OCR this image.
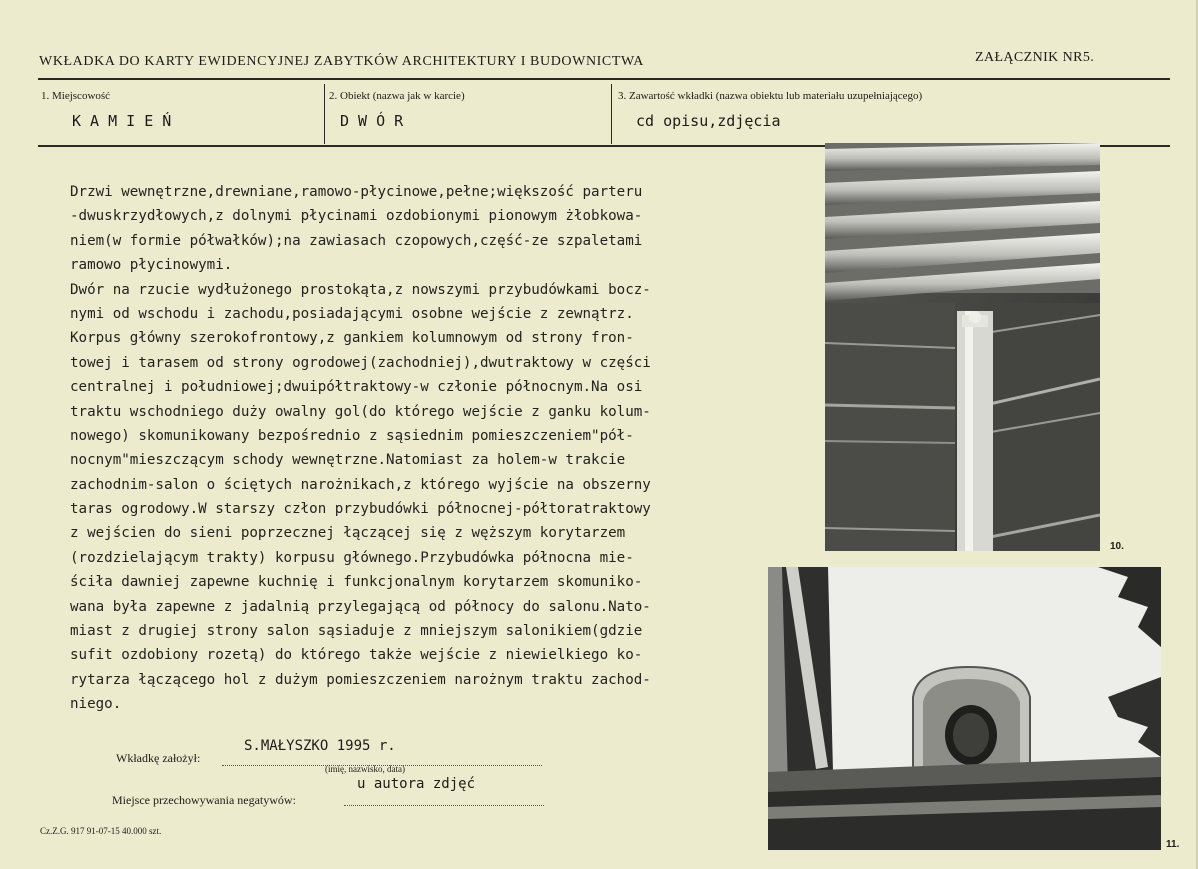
WKŁADKA DO KARTY EWIDENCYJNEJ ZABYTKÓW ARCHITEKTURY I BUDOWNICTWA	ZAŁĄCZNIK NR5.
1. Miejscowość
K A M I E Ń
2. Obiekt (nazwa jak w karcie)
D W Ó R
3. Zawartość wkładki (nazwa obiektu lub materiału uzupełniającego)
cd opisu,zdjęcia
Drzwi wewnętrzne,drewniane,ramowo-płycinowe,pełne;większość parteru
-dwuskrzydłowych,z dolnymi płycinami ozdobionymi pionowym żłobkowa-
niem(w formie półwałków);na zawiasach czopowych,część-ze szpaletami
ramowo płycinowymi.
Dwór na rzucie wydłużonego prostokąta,z nowszymi przybudówkami bocz-
nymi od wschodu i zachodu,posiadającymi osobne wejście z zewnątrz.
Korpus główny szerokofrontowy,z gankiem kolumnowym od strony fron-
towej i tarasem od strony ogrodowej(zachodniej),dwutraktowy w części
centralnej i południowej;dwuipółtraktowy-w członie północnym.Na osi
traktu wschodniego duży owalny gol(do którego wejście z ganku kolum-
nowego) skomunikowany bezpośrednio z sąsiednim pomieszczeniem"pół-
nocnym"mieszczącym schody wewnętrzne.Natomiast za holem-w trakcie
zachodnim-salon o ściętych narożnikach,z którego wyjście na obszerny
taras ogrodowy.W starszy człon przybudówki północnej-półtoratraktowy
z wejścien do sieni poprzecznej łączącej się z węższym korytarzem
(rozdzielającym trakty) korpusu głównego.Przybudówka północna mie-
ściła dawniej zapewne kuchnię i funkcjonalnym korytarzem skomuniko-
wana była zapewne z jadalnią przylegającą od północy do salonu.Nato-
miast z drugiej strony salon sąsiaduje z mniejszym salonikiem(gdzie
sufit ozdobiony rozetą) do którego także wejście z niewielkiego ko-
rytarza łączącego hol z dużym pomieszczeniem narożnym traktu zachod-
niego.
Wkładkę założył:
S.MAŁYSZKO 1995 r.
(imię, nazwisko, data)
u autora zdjęć
Miejsce przechowywania negatywów:
Cz.Z.G. 917 91-07-15 40.000 szt.
10.
11.
